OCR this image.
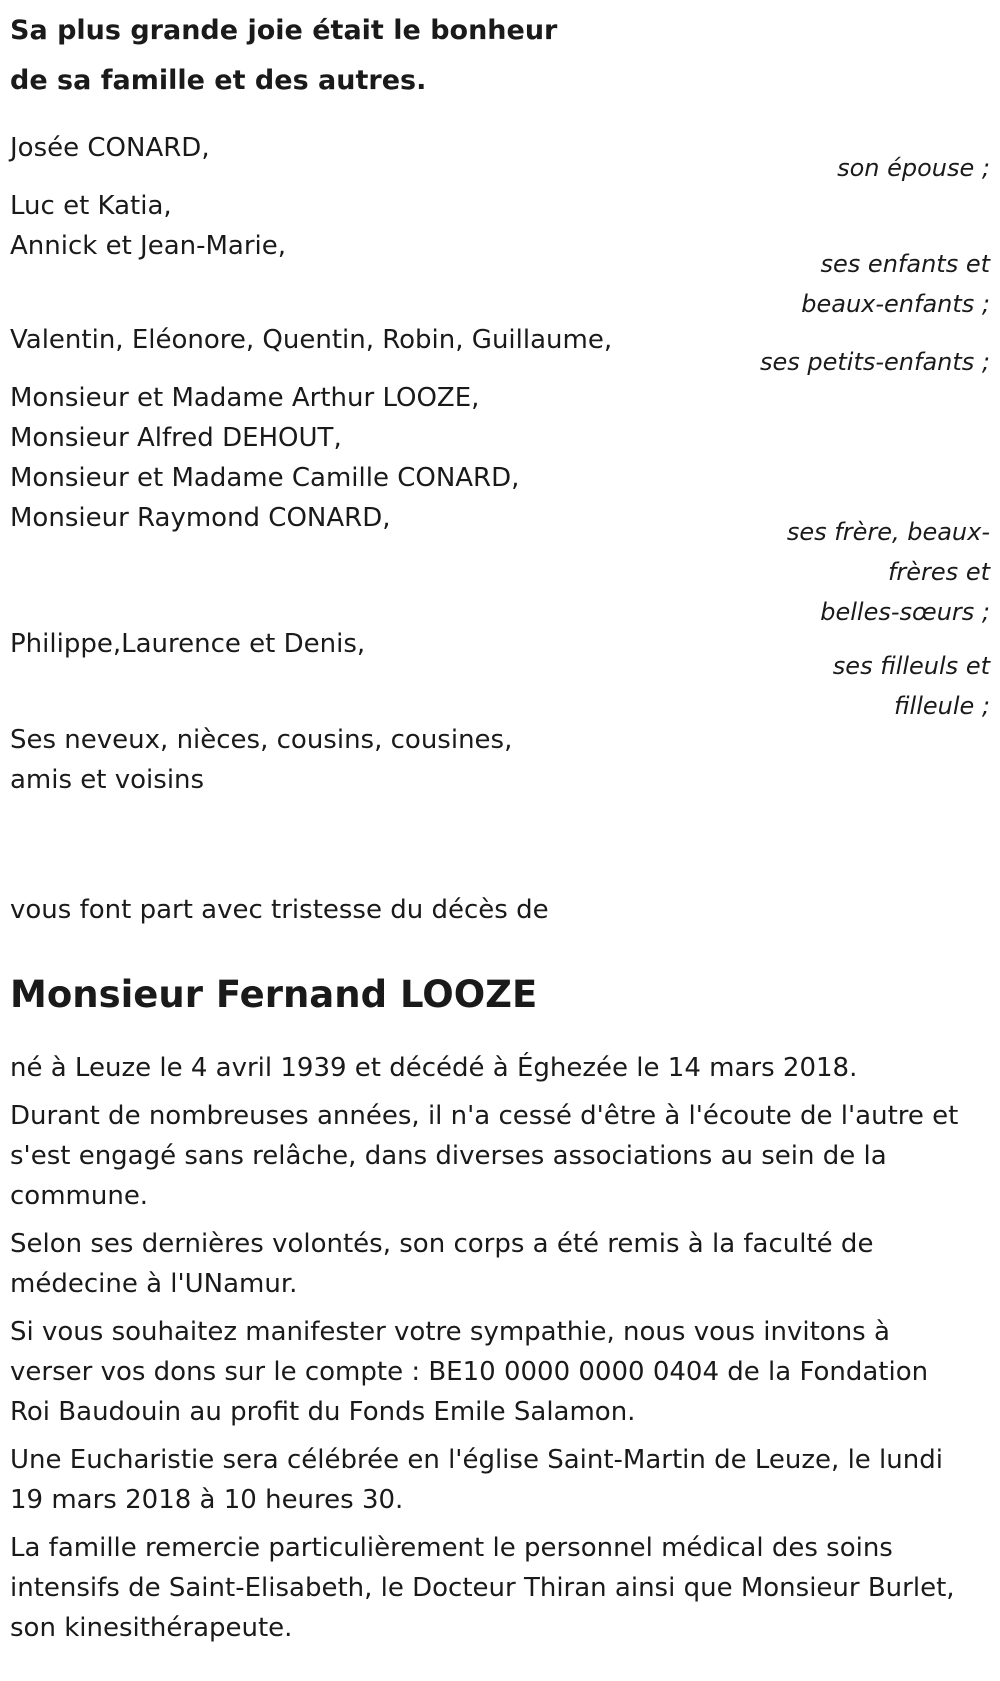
Sa plus grande joie était le bonheur
de sa famille et des autres.

Josée CONARD,

son épouse ;

Luc et Katia,
Annick et Jean-Marie,

ses enfants et
beaux-enfants ;

Valentin, Eléonore, Quentin, Robin, Guillaume,

ses petits-enfants ;

Monsieur et Madame Arthur LOOZE,
Monsieur Alfred DEHOUT,
Monsieur et Madame Camille CONARD,
Monsieur Raymond CONARD,	ses frère, beaux-
frères et
belles-sœurs ;

Philippe,Laurence et Denis,

ses filleuls et
filleule ;

Ses neveux, nièces, cousins, cousines,
amis et voisins

vous font part avec tristesse du décès de

Monsieur Fernand LOOZE

né à Leuze le 4 avril 1939 et décédé à Éghezée le 14 mars 2018.

Durant de nombreuses années, il n'a cessé d'être à l'écoute de l'autre et
s'est engagé sans relâche, dans diverses associations au sein de la
commune.

Selon ses dernières volontés, son corps a été remis à la faculté de
médecine à l'UNamur.

Si vous souhaitez manifester votre sympathie, nous vous invitons à
verser vos dons sur le compte : BE10 0000 0000 0404 de la Fondation
Roi Baudouin au profit du Fonds Emile Salamon.

Une Eucharistie sera célébrée en l'église Saint-Martin de Leuze, le lundi
19 mars 2018 à 10 heures 30.

La famille remercie particulièrement le personnel médical des soins
intensifs de Saint-Elisabeth, le Docteur Thiran ainsi que Monsieur Burlet,
son kinesithérapeute.
